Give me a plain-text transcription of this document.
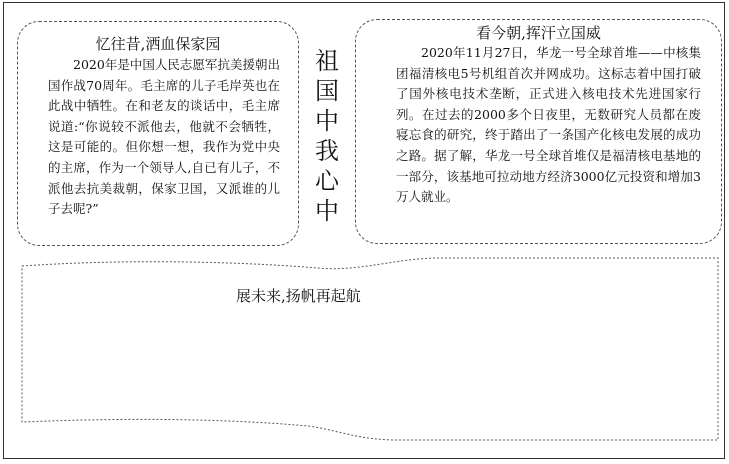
忆往昔,洒血保家园

2020年是中国人民志愿军抗美援朝出国作战70周年。毛主席的儿子毛岸英也在此战中牺牲。在和老友的谈话中，毛主席说道:“你说较不派他去，他就不会牺牲，这是可能的。但你想一想，我作为党中央的主席，作为一个领导人,自已有儿子，不派他去抗美裁朝，保家卫国，又派谁的儿子去呢?”

祖
国
中
我
心
中
看今朝,挥汗立国威

2020年11月27日，华龙一号全球首堆——中核集团福清核电5号机组首次并网成功。这标志着中国打破了国外核电技术垄断，正式进入核电技术先进国家行列。在过去的2000多个日夜里，无数研究人员都在废寝忘食的研究，终于踏出了一条国产化核电发展的成功之路。据了解，华龙一号全球首堆仅是福清核电基地的一部分，该基地可拉动地方经济3000亿元投资和增加3万人就业。

展未来,扬帆再起航
